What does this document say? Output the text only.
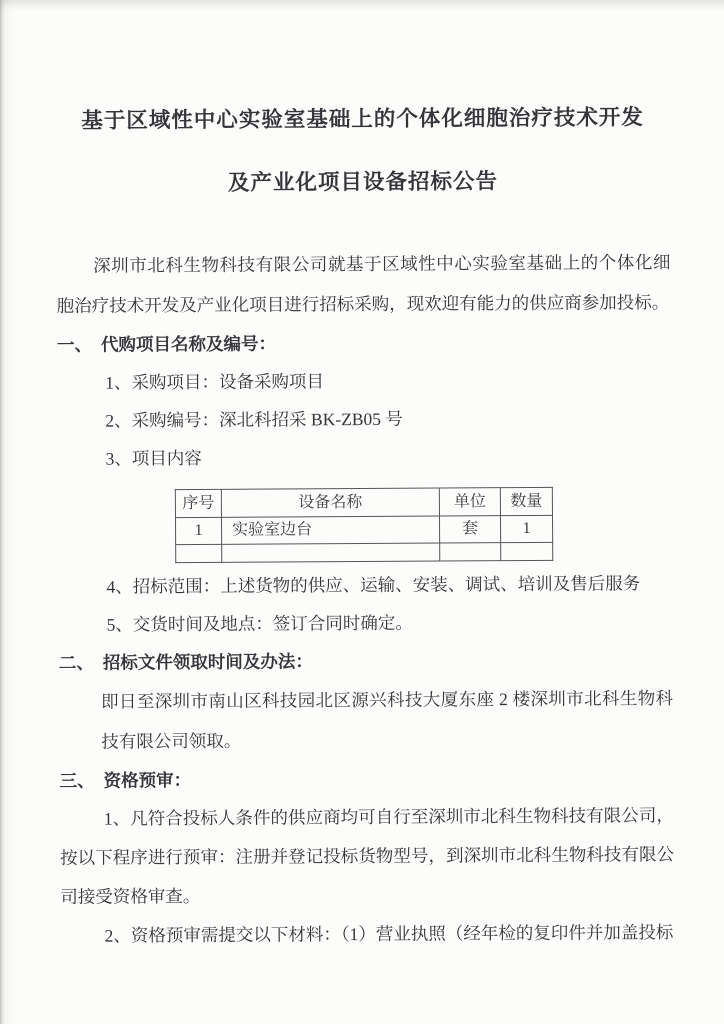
基于区域性中心实验室基础上的个体化细胞治疗技术开发
及产业化项目设备招标公告

深圳市北科生物科技有限公司就基于区域性中心实验室基础上的个体化细胞治疗技术开发及产业化项目进行招标采购，现欢迎有能力的供应商参加投标。

一、 代购项目名称及编号：

1、采购项目：设备采购项目
2、采购编号：深北科招采 BK-ZB05 号
3、项目内容
序号	设备名称	单位	数量
1	实验室边台	套	1

4、招标范围：上述货物的供应、运输、安装、调试、培训及售后服务
5、交货时间及地点：签订合同时确定。

二、 招标文件领取时间及办法：

即日至深圳市南山区科技园北区源兴科技大厦东座 2 楼深圳市北科生物科技有限公司领取。

三、 资格预审：

1、凡符合投标人条件的供应商均可自行至深圳市北科生物科技有限公司，按以下程序进行预审：注册并登记投标货物型号，到深圳市北科生物科技有限公司接受资格审查。

2、资格预审需提交以下材料：（1）营业执照（经年检的复印件并加盖投标
